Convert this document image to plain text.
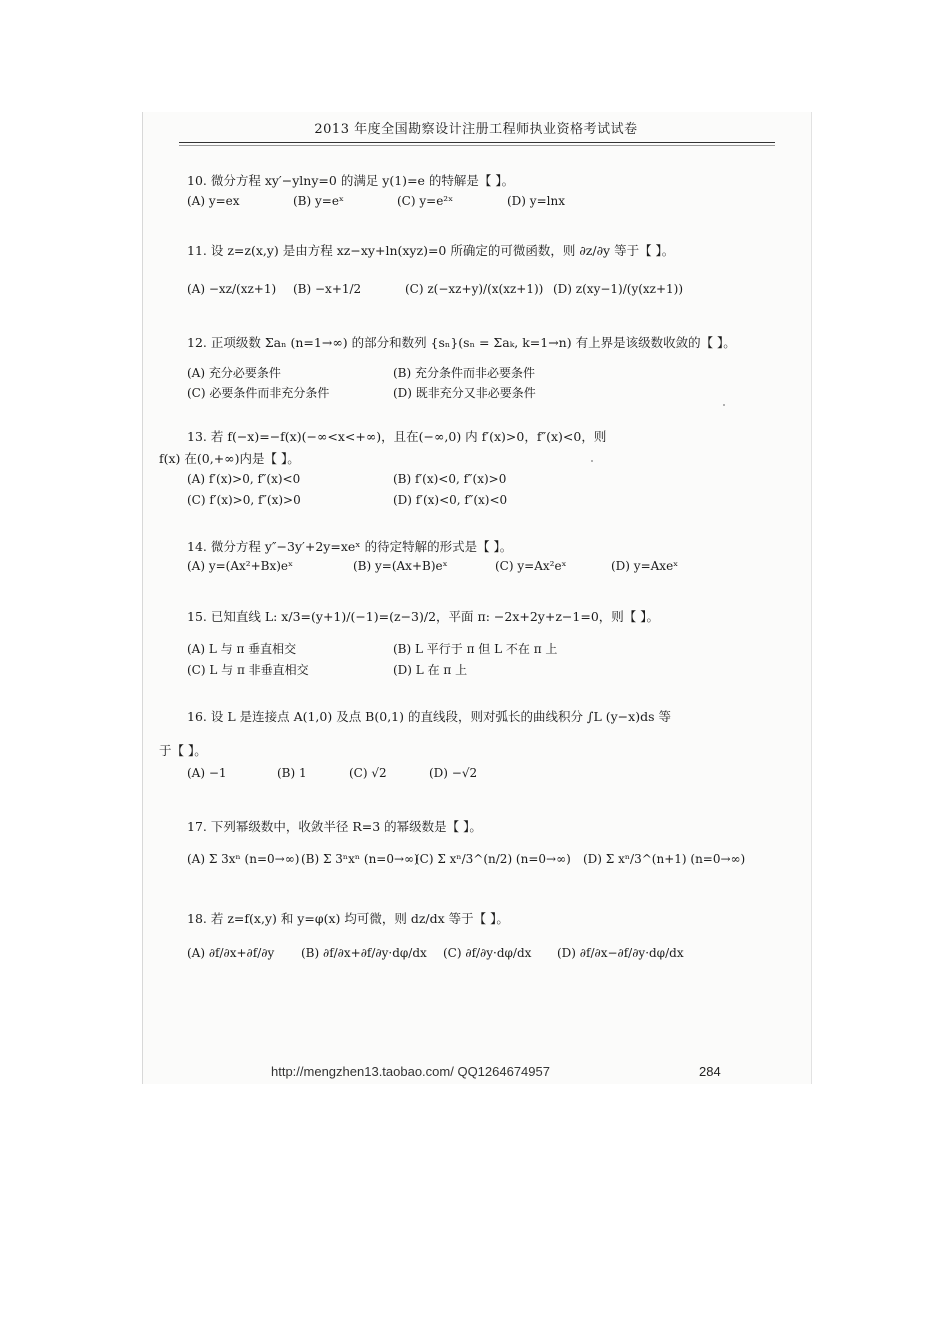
2013 年度全国勘察设计注册工程师执业资格考试试卷
10. 微分方程 xy′−ylny=0 的满足 y(1)=e 的特解是【 】。
(A) y=ex	(B) y=eˣ	(C) y=e²ˣ	(D) y=lnx
11. 设 z=z(x,y) 是由方程 xz−xy+ln(xyz)=0 所确定的可微函数，则 ∂z/∂y 等于【 】。
(A) −xz/(xz+1) (B) −x+1/2	(C) z(−xz+y)/(x(xz+1)) (D) z(xy−1)/(y(xz+1))
12. 正项级数 Σaₙ (n=1→∞) 的部分和数列 {sₙ}(sₙ = Σaₖ, k=1→n) 有上界是该级数收敛的【 】。
(A) 充分必要条件	(B) 充分条件而非必要条件
(C) 必要条件而非充分条件	(D) 既非充分又非必要条件
13. 若 f(−x)=−f(x)(−∞<x<+∞)，且在(−∞,0) 内 f′(x)>0，f″(x)<0，则
f(x) 在(0,+∞)内是【 】。
(A) f′(x)>0, f″(x)<0	(B) f′(x)<0, f″(x)>0
(C) f′(x)>0, f″(x)>0	(D) f′(x)<0, f″(x)<0
14. 微分方程 y″−3y′+2y=xeˣ 的待定特解的形式是【 】。
(A) y=(Ax²+Bx)eˣ	(B) y=(Ax+B)eˣ	(C) y=Ax²eˣ	(D) y=Axeˣ
15. 已知直线 L: x/3=(y+1)/(−1)=(z−3)/2，平面 π: −2x+2y+z−1=0，则【 】。
(A) L 与 π 垂直相交	(B) L 平行于 π 但 L 不在 π 上
(C) L 与 π 非垂直相交	(D) L 在 π 上
16. 设 L 是连接点 A(1,0) 及点 B(0,1) 的直线段，则对弧长的曲线积分 ∫L (y−x)ds 等
于【 】。
(A) −1	(B) 1	(C) √2	(D) −√2
17. 下列幂级数中，收敛半径 R=3 的幂级数是【 】。
(A) Σ 3xⁿ (n=0→∞) (B) Σ 3ⁿxⁿ (n=0→∞)
(C) Σ xⁿ/3^(n/2) (n=0→∞) (D) Σ xⁿ/3^(n+1) (n=0→∞)
18. 若 z=f(x,y) 和 y=φ(x) 均可微，则 dz/dx 等于【 】。
(A) ∂f/∂x+∂f/∂y (B) ∂f/∂x+∂f/∂y·dφ/dx (C) ∂f/∂y·dφ/dx (D) ∂f/∂x−∂f/∂y·dφ/dx
http://mengzhen13.taobao.com/ QQ1264674957	284
